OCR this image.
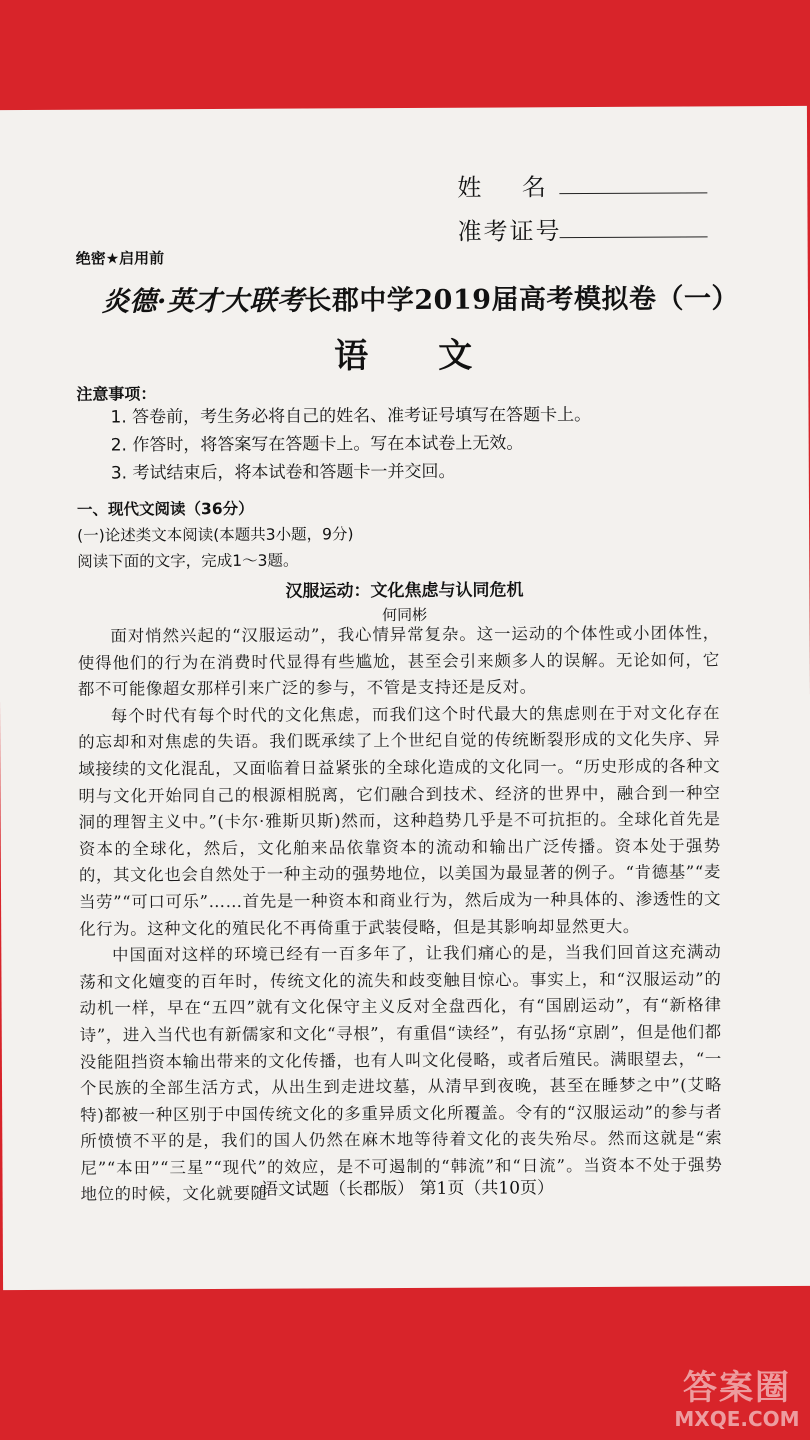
姓    名
准考证号
绝密★启用前
炎德·英才大联考长郡中学2019届高考模拟卷（一）
语文
注意事项：
1. 答卷前，考生务必将自己的姓名、准考证号填写在答题卡上。
2. 作答时，将答案写在答题卡上。写在本试卷上无效。
3. 考试结束后，将本试卷和答题卡一并交回。
一、现代文阅读（36分）
(一)论述类文本阅读(本题共3小题，9分)
阅读下面的文字，完成1～3题。
汉服运动：文化焦虑与认同危机
何同彬

面对悄然兴起的“汉服运动”，我心情异常复杂。这一运动的个体性或小团体性，使得他们的行为在消费时代显得有些尴尬，甚至会引来颇多人的误解。无论如何，它都不可能像超女那样引来广泛的参与，不管是支持还是反对。

每个时代有每个时代的文化焦虑，而我们这个时代最大的焦虑则在于对文化存在的忘却和对焦虑的失语。我们既承续了上个世纪自觉的传统断裂形成的文化失序、异域接续的文化混乱，又面临着日益紧张的全球化造成的文化同一。“历史形成的各种文明与文化开始同自己的根源相脱离，它们融合到技术、经济的世界中，融合到一种空洞的理智主义中。”(卡尔·雅斯贝斯)然而，这种趋势几乎是不可抗拒的。全球化首先是资本的全球化，然后，文化舶来品依靠资本的流动和输出广泛传播。资本处于强势的，其文化也会自然处于一种主动的强势地位，以美国为最显著的例子。“肯德基”“麦当劳”“可口可乐”……首先是一种资本和商业行为，然后成为一种具体的、渗透性的文化行为。这种文化的殖民化不再倚重于武装侵略，但是其影响却显然更大。

中国面对这样的环境已经有一百多年了，让我们痛心的是，当我们回首这充满动荡和文化嬗变的百年时，传统文化的流失和歧变触目惊心。事实上，和“汉服运动”的动机一样，早在“五四”就有文化保守主义反对全盘西化，有“国剧运动”，有“新格律诗”，进入当代也有新儒家和文化“寻根”，有重倡“读经”，有弘扬“京剧”，但是他们都没能阻挡资本输出带来的文化传播，也有人叫文化侵略，或者后殖民。满眼望去，“一个民族的全部生活方式，从出生到走进坟墓，从清早到夜晚，甚至在睡梦之中”(艾略特)都被一种区别于中国传统文化的多重异质文化所覆盖。令有的“汉服运动”的参与者所愤愤不平的是，我们的国人仍然在麻木地等待着文化的丧失殆尽。然而这就是“索尼”“本田”“三星”“现代”的效应，是不可遏制的“韩流”和“日流”。当资本不处于强势地位的时候，文化就要随

语文试题（长郡版） 第1页（共10页）
答案圈
MXQE.COM
